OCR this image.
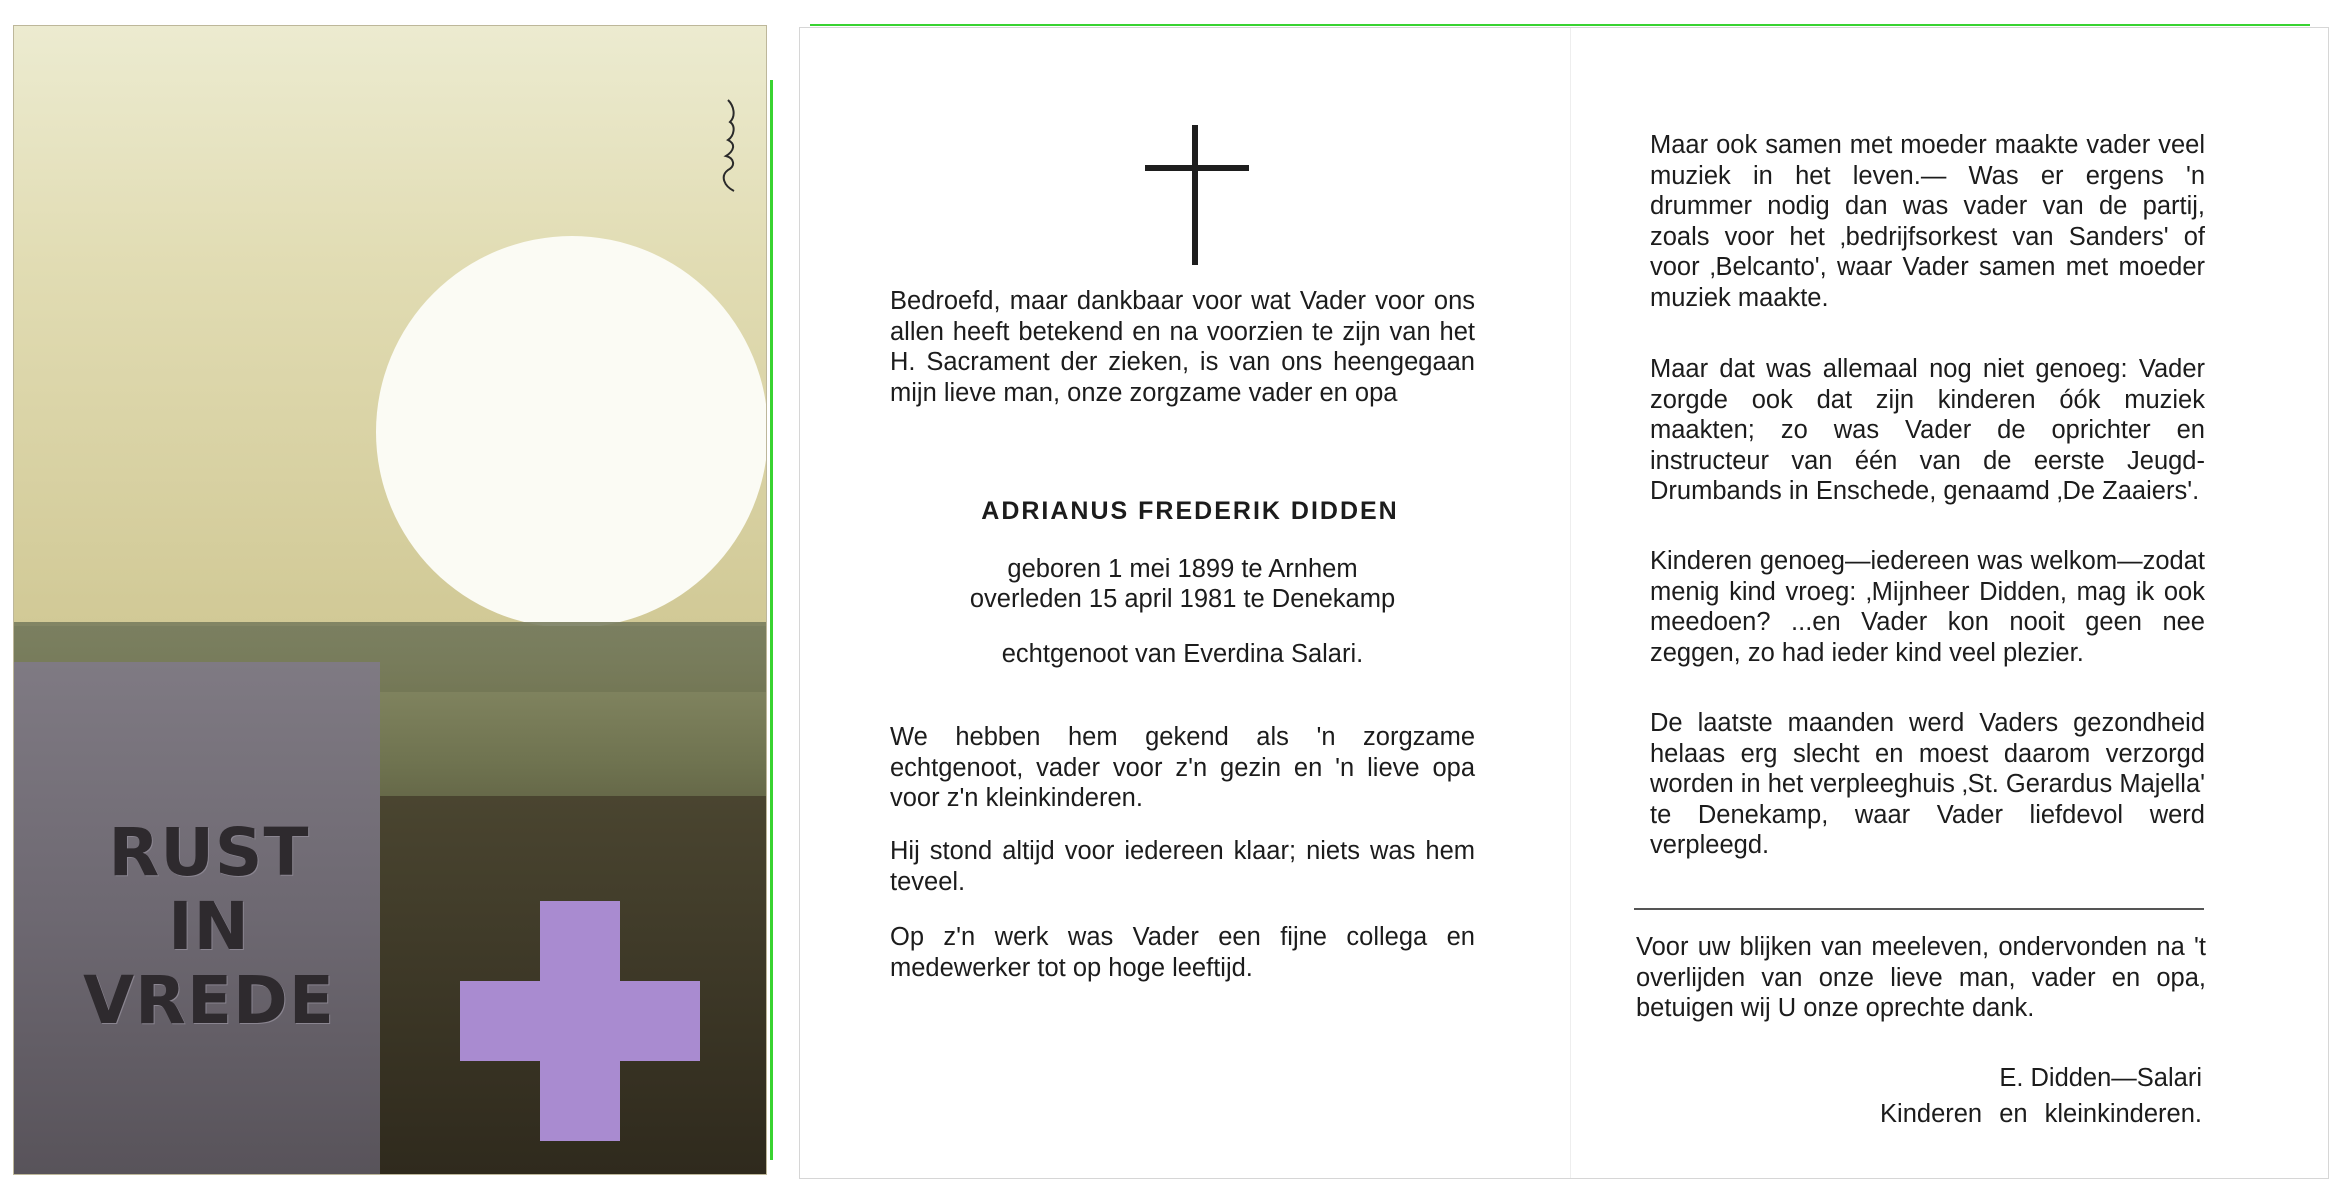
RUST
IN
VREDE

Bedroefd, maar dankbaar voor wat Vader voor ons allen heeft betekend en na voorzien te zijn van het H. Sacrament der zieken, is van ons heengegaan mijn lieve man, onze zorgzame vader en opa

ADRIANUS FREDERIK DIDDEN
geboren 1 mei 1899 te Arnhem
overleden 15 april 1981 te Denekamp
echtgenoot van Everdina Salari.

We hebben hem gekend als 'n zorgzame echtgenoot, vader voor z'n gezin en 'n lieve opa voor z'n kleinkinderen.

Hij stond altijd voor iedereen klaar; niets was hem teveel.

Op z'n werk was Vader een fijne collega en medewerker tot op hoge leeftijd.

Maar ook samen met moeder maakte vader veel muziek in het leven.— Was er ergens 'n drummer nodig dan was vader van de partij, zoals voor het ‚bedrijfsorkest van Sanders' of voor ‚Belcanto', waar Vader samen met moeder muziek maakte.

Maar dat was allemaal nog niet genoeg: Vader zorgde ook dat zijn kinderen óók muziek maakten; zo was Vader de oprichter en instructeur van één van de eerste Jeugd-Drumbands in Enschede, genaamd ‚De Zaaiers'.

Kinderen genoeg—iedereen was welkom—zodat menig kind vroeg: ‚Mijnheer Didden, mag ik ook meedoen? ...en Vader kon nooit geen nee zeggen, zo had ieder kind veel plezier.

De laatste maanden werd Vaders gezondheid helaas erg slecht en moest daarom verzorgd worden in het verpleeghuis ‚St. Gerardus Majella' te Denekamp, waar Vader liefdevol werd verpleegd.

Voor uw blijken van meeleven, ondervonden na 't overlijden van onze lieve man, vader en opa, betuigen wij U onze oprechte dank.

E. Didden—Salari
Kinderen en kleinkinderen.
